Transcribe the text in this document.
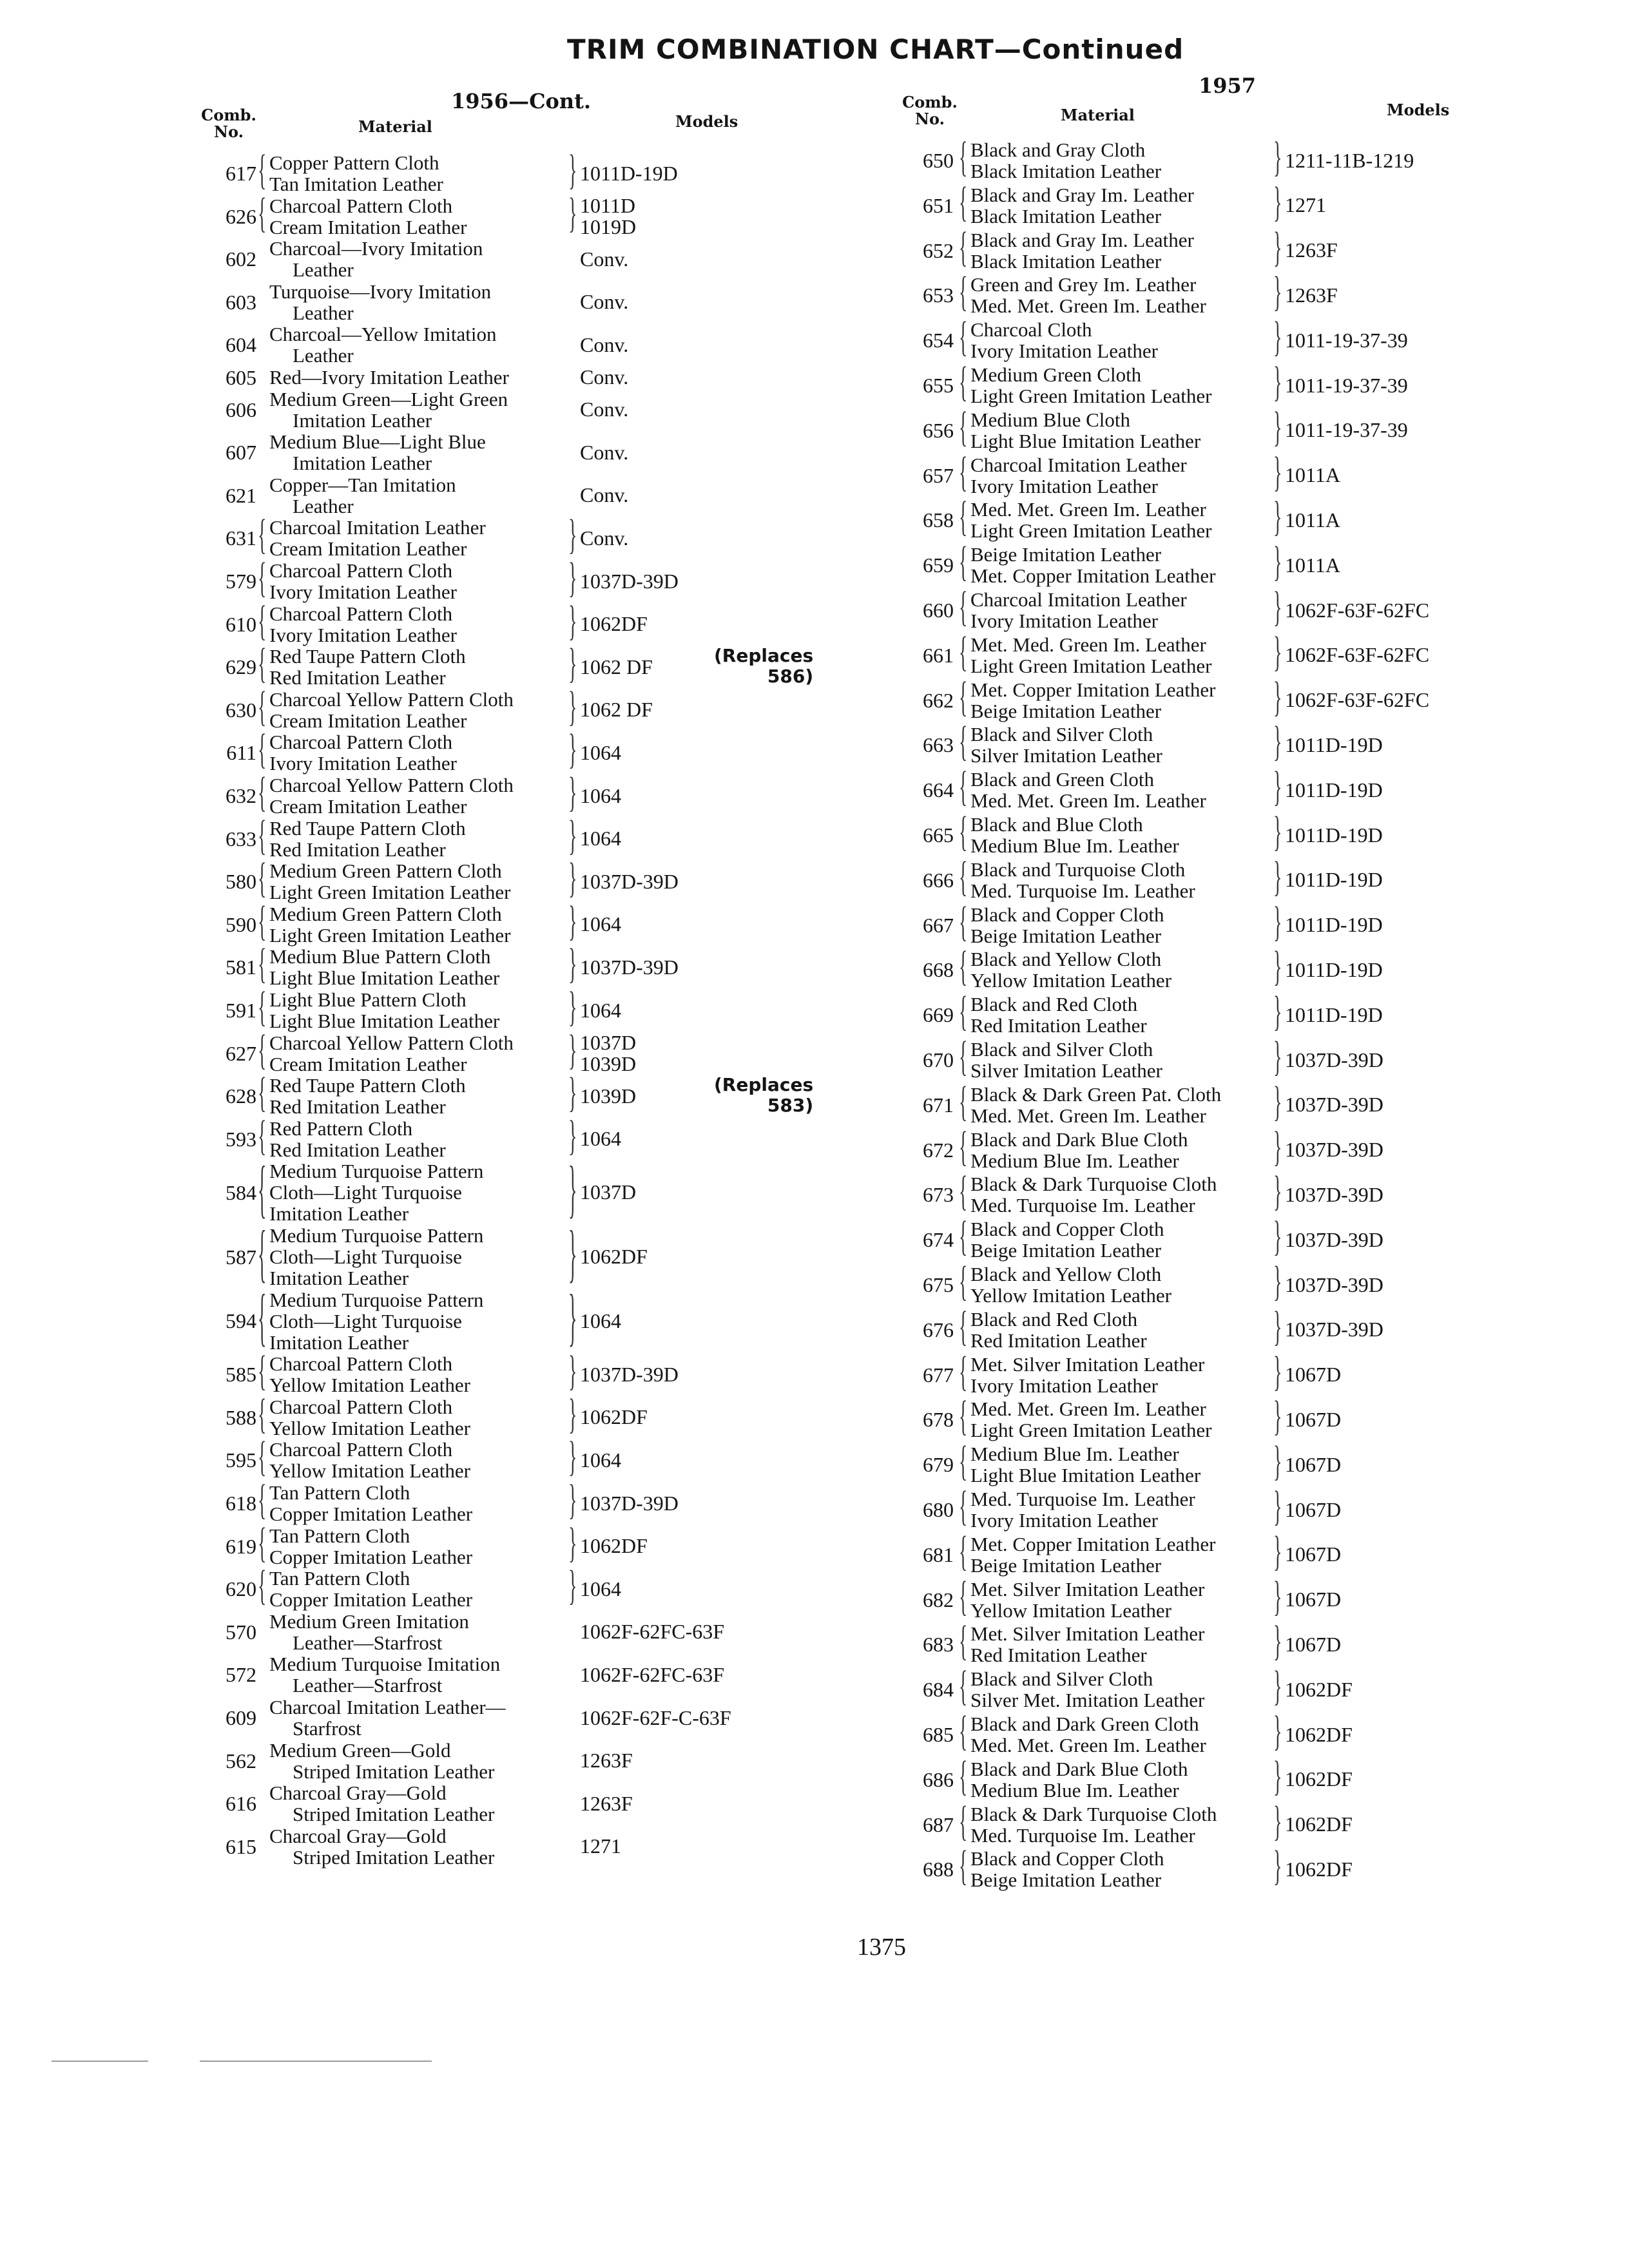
TRIM COMBINATION CHART—Continued
1956—Cont.
Comb.
No.	Material	Models
617 { Copper Pattern Cloth
Tan Imitation Leather	} 1011D-19D
626 { Charcoal Pattern Cloth
Cream Imitation Leather	} 1011D
1019D
602 Charcoal—Ivory Imitation
Leather	Conv.
603 Turquoise—Ivory Imitation
Leather	Conv.
604 Charcoal—Yellow Imitation
Leather	Conv.
605 Red—Ivory Imitation Leather	Conv.
606 Medium Green—Light Green
Imitation Leather	Conv.
607 Medium Blue—Light Blue
Imitation Leather	Conv.
621 Copper—Tan Imitation
Leather	Conv.
631 { Charcoal Imitation Leather
Cream Imitation Leather	} Conv.
579 { Charcoal Pattern Cloth
Ivory Imitation Leather	} 1037D-39D
610 { Charcoal Pattern Cloth
Ivory Imitation Leather	} 1062DF
629 { Red Taupe Pattern Cloth
Red Imitation Leather	} 1062 DF	(Replaces
586)
630 { Charcoal Yellow Pattern Cloth
Cream Imitation Leather	} 1062 DF
611 { Charcoal Pattern Cloth
Ivory Imitation Leather	} 1064
632 { Charcoal Yellow Pattern Cloth
Cream Imitation Leather	} 1064
633 { Red Taupe Pattern Cloth
Red Imitation Leather	} 1064
580 { Medium Green Pattern Cloth
Light Green Imitation Leather } 1037D-39D
590 { Medium Green Pattern Cloth
Light Green Imitation Leather } 1064
581 { Medium Blue Pattern Cloth
Light Blue Imitation Leather } 1037D-39D
591 { Light Blue Pattern Cloth
Light Blue Imitation Leather } 1064
627 { Charcoal Yellow Pattern Cloth
Cream Imitation Leather	} 1037D
1039D
628 { Red Taupe Pattern Cloth
Red Imitation Leather	} 1039D	(Replaces
583)
593 { Red Pattern Cloth
Red Imitation Leather	} 1064
584 { Medium Turquoise Pattern
Cloth—Light Turquoise
Imitation Leather	} 1037D
587 { Medium Turquoise Pattern
Cloth—Light Turquoise
Imitation Leather	} 1062DF
594 { Medium Turquoise Pattern
Cloth—Light Turquoise
Imitation Leather	} 1064
585 { Charcoal Pattern Cloth
Yellow Imitation Leather } 1037D-39D
588 { Charcoal Pattern Cloth
Yellow Imitation Leather } 1062DF
595 { Charcoal Pattern Cloth
Yellow Imitation Leather } 1064
618 { Tan Pattern Cloth
Copper Imitation Leather } 1037D-39D
619 { Tan Pattern Cloth
Copper Imitation Leather } 1062DF
620 { Tan Pattern Cloth
Copper Imitation Leather } 1064
570 Medium Green Imitation
Leather—Starfrost	1062F-62FC-63F
572 Medium Turquoise Imitation
Leather—Starfrost	1062F-62FC-63F
609 Charcoal Imitation Leather—
Starfrost	1062F-62F-C-63F
562 Medium Green—Gold
Striped Imitation Leather	1263F
616 Charcoal Gray—Gold
Striped Imitation Leather	1263F
615 Charcoal Gray—Gold
Striped Imitation Leather	1271
1957
Comb.
No.	Material	Models
650 { Black and Gray Cloth
Black Imitation Leather	} 1211-11B-1219
651 { Black and Gray Im. Leather
Black Imitation Leather	} 1271
652 { Black and Gray Im. Leather
Black Imitation Leather	} 1263F
653 { Green and Grey Im. Leather
Med. Met. Green Im. Leather } 1263F
654 { Charcoal Cloth
Ivory Imitation Leather	} 1011-19-37-39
655 { Medium Green Cloth
Light Green Imitation Leather } 1011-19-37-39
656 { Medium Blue Cloth
Light Blue Imitation Leather } 1011-19-37-39
657 { Charcoal Imitation Leather
Ivory Imitation Leather	} 1011A
658 { Med. Met. Green Im. Leather
Light Green Imitation Leather } 1011A
659 { Beige Imitation Leather
Met. Copper Imitation Leather } 1011A
660 { Charcoal Imitation Leather
Ivory Imitation Leather	} 1062F-63F-62FC
661 { Met. Med. Green Im. Leather
Light Green Imitation Leather } 1062F-63F-62FC
662 { Met. Copper Imitation Leather
Beige Imitation Leather	} 1062F-63F-62FC
663 { Black and Silver Cloth
Silver Imitation Leather	} 1011D-19D
664 { Black and Green Cloth
Med. Met. Green Im. Leather } 1011D-19D
665 { Black and Blue Cloth
Medium Blue Im. Leather } 1011D-19D
666 { Black and Turquoise Cloth
Med. Turquoise Im. Leather } 1011D-19D
667 { Black and Copper Cloth
Beige Imitation Leather	} 1011D-19D
668 { Black and Yellow Cloth
Yellow Imitation Leather	} 1011D-19D
669 { Black and Red Cloth
Red Imitation Leather	} 1011D-19D
670 { Black and Silver Cloth
Silver Imitation Leather	} 1037D-39D
671 { Black & Dark Green Pat. Cloth
Med. Met. Green Im. Leather	} 1037D-39D
672 { Black and Dark Blue Cloth
Medium Blue Im. Leather } 1037D-39D
673 { Black & Dark Turquoise Cloth
Med. Turquoise Im. Leather	} 1037D-39D
674 { Black and Copper Cloth
Beige Imitation Leather	} 1037D-39D
675 { Black and Yellow Cloth
Yellow Imitation Leather	} 1037D-39D
676 { Black and Red Cloth
Red Imitation Leather	} 1037D-39D
677 { Met. Silver Imitation Leather
Ivory Imitation Leather	} 1067D
678 { Med. Met. Green Im. Leather
Light Green Imitation Leather } 1067D
679 { Medium Blue Im. Leather
Light Blue Imitation Leather } 1067D
680 { Med. Turquoise Im. Leather
Ivory Imitation Leather	} 1067D
681 { Met. Copper Imitation Leather
Beige Imitation Leather	} 1067D
682 { Met. Silver Imitation Leather
Yellow Imitation Leather	} 1067D
683 { Met. Silver Imitation Leather
Red Imitation Leather	} 1067D
684 { Black and Silver Cloth
Silver Met. Imitation Leather } 1062DF
685 { Black and Dark Green Cloth
Med. Met. Green Im. Leather } 1062DF
686 { Black and Dark Blue Cloth
Medium Blue Im. Leather } 1062DF
687 { Black & Dark Turquoise Cloth
Med. Turquoise Im. Leather	} 1062DF
688 { Black and Copper Cloth
Beige Imitation Leather	} 1062DF
1375
